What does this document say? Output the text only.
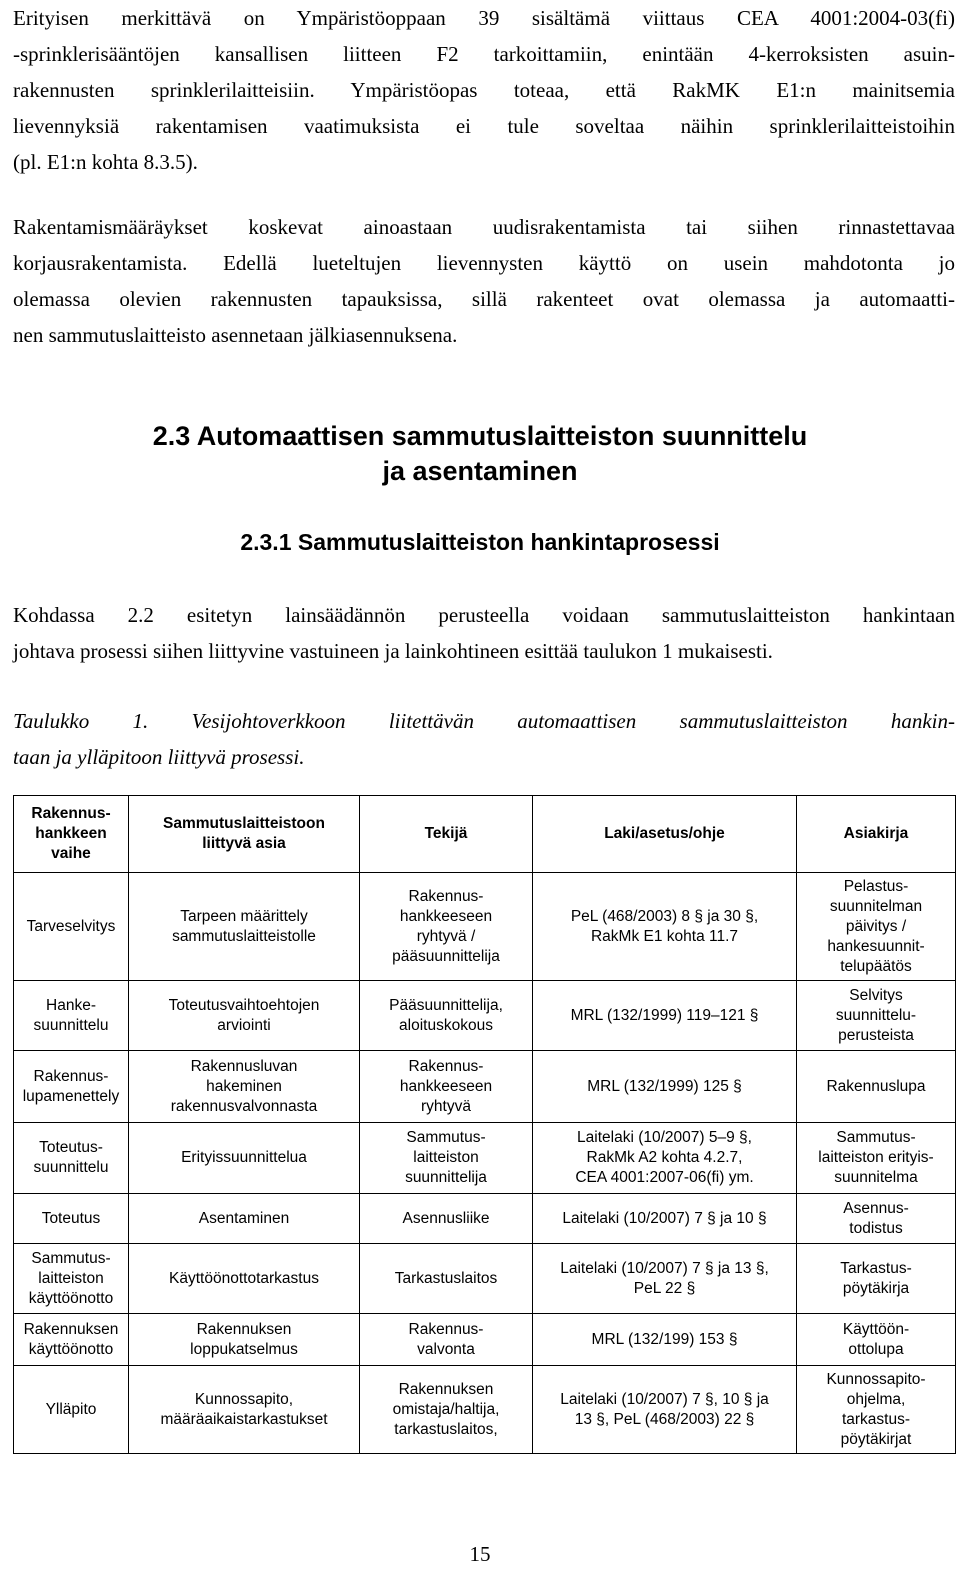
Erityisen merkittävä on Ympäristöoppaan 39 sisältämä viittaus CEA 4001:2004-03(fi)
-sprinklerisääntöjen kansallisen liitteen F2 tarkoittamiin, enintään 4-kerroksisten asuin-
rakennusten sprinklerilaitteisiin. Ympäristöopas toteaa, että RakMK E1:n mainitsemia
lievennyksiä rakentamisen vaatimuksista ei tule soveltaa näihin sprinklerilaitteistoihin
(pl. E1:n kohta 8.3.5).
Rakentamismääräykset koskevat ainoastaan uudisrakentamista tai siihen rinnastettavaa
korjausrakentamista. Edellä lueteltujen lievennysten käyttö on usein mahdotonta jo
olemassa olevien rakennusten tapauksissa, sillä rakenteet ovat olemassa ja automaatti-
nen sammutuslaitteisto asennetaan jälkiasennuksena.
2.3 Automaattisen sammutuslaitteiston suunnittelu
ja asentaminen
2.3.1 Sammutuslaitteiston hankintaprosessi
Kohdassa 2.2 esitetyn lainsäädännön perusteella voidaan sammutuslaitteiston hankintaan
johtava prosessi siihen liittyvine vastuineen ja lainkohtineen esittää taulukon 1 mukaisesti.
Taulukko 1. Vesijohtoverkkoon liitettävän automaattisen sammutuslaitteiston hankin-
taan ja ylläpitoon liittyvä prosessi.
Rakennus-
hankkeen
vaihe	Sammutuslaitteistoon
liittyvä asia	Tekijä	Laki/asetus/ohje	Asiakirja
Tarveselvitys	Tarpeen määrittely
sammutuslaitteistolle	Rakennus-
hankkeeseen
ryhtyvä /
pääsuunnittelija	PeL (468/2003) 8 § ja 30 §,
RakMk E1 kohta 11.7	Pelastus-
suunnitelman
päivitys /
hankesuunnit-
telupäätös
Hanke-
suunnittelu	Toteutusvaihtoehtojen
arviointi	Pääsuunnittelija,
aloituskokous	MRL (132/1999) 119–121 §	Selvitys
suunnittelu-
perusteista
Rakennus-
lupamenettely	Rakennusluvan
hakeminen
rakennusvalvonnasta	Rakennus-
hankkeeseen
ryhtyvä	MRL (132/1999) 125 §	Rakennuslupa
Toteutus-
suunnittelu	Erityissuunnittelua	Sammutus-
laitteiston
suunnittelija	Laitelaki (10/2007) 5–9 §,
RakMk A2 kohta 4.2.7,
CEA 4001:2007-06(fi) ym.	Sammutus-
laitteiston erityis-
suunnitelma
Toteutus	Asentaminen	Asennusliike	Laitelaki (10/2007) 7 § ja 10 §	Asennus-
todistus
Sammutus-
laitteiston
käyttöönotto	Käyttöönottotarkastus	Tarkastuslaitos	Laitelaki (10/2007) 7 § ja 13 §,
PeL 22 §	Tarkastus-
pöytäkirja
Rakennuksen
käyttöönotto	Rakennuksen
loppukatselmus	Rakennus-
valvonta	MRL (132/199) 153 §	Käyttöön-
ottolupa
Ylläpito	Kunnossapito,
määräaikaistarkastukset	Rakennuksen
omistaja/haltija,
tarkastuslaitos,	Laitelaki (10/2007) 7 §, 10 § ja
13 §, PeL (468/2003) 22 §	Kunnossapito-
ohjelma,
tarkastus-
pöytäkirjat
15
